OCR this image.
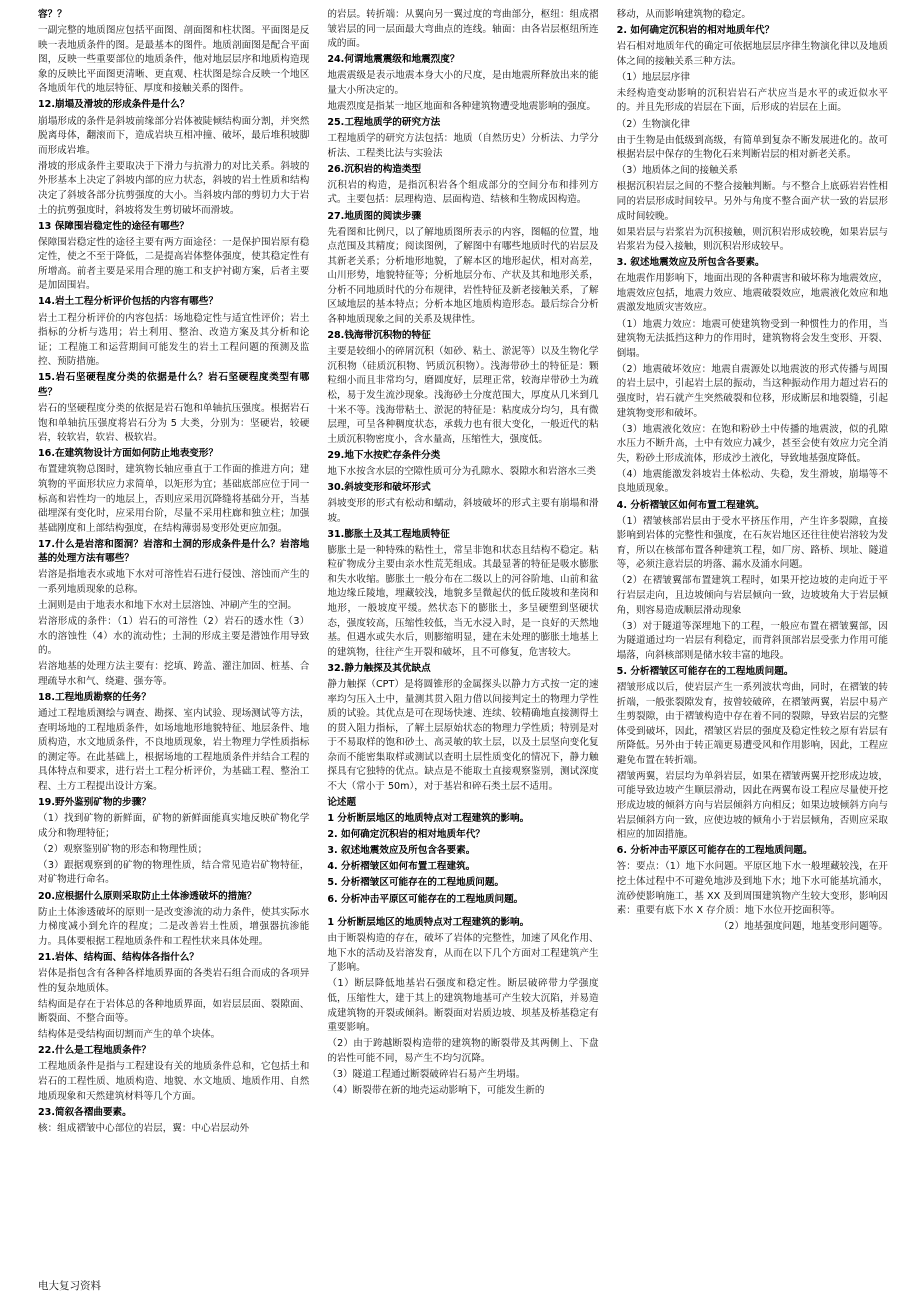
容？？

一副完整的地质图应包括平面图、剖面图和柱状图。平面图是反映一表地质条件的图。是最基本的图件。地质剖面图是配合平面图，反映一些重要部位的地质条件，他对地层层序和地质构造现象的反映比平面图更清晰、更直观、柱状图是综合反映一个地区各地质年代的地层特征、厚度和接触关系的图件。

12.崩塌及滑坡的形成条件是什么？

崩塌形成的条件是斜坡前缘部分岩体被陡倾结构面分割，并突然脱离母体，翻滚而下，造成岩块互相冲撞、破坏，最后堆积坡脚而形成岩堆。

滑坡的形成条件主要取决于下滑力与抗滑力的对比关系。斜坡的外形基本上决定了斜坡内部的应力状态，斜坡的岩土性质和结构决定了斜坡各部分抗剪强度的大小。当斜坡内部的剪切力大于岩土的抗剪强度时，斜坡将发生剪切破坏而滑坡。

13 保障围岩稳定性的途径有哪些？

保障围岩稳定性的途径主要有两方面途径：一是保护围岩原有稳定性，使之不至于降低，二是提高岩体整体强度，使其稳定性有所增高。前者主要是采用合理的施工和支护衬砌方案，后者主要是加固围岩。

14.岩土工程分析评价包括的内容有哪些？

岩土工程分析评价的内容包括：场地稳定性与适宜性评价；岩土指标的分析与选用；岩土利用、整治、改造方案及其分析和论证；工程施工和运营期间可能发生的岩土工程问题的预测及监控、预防措施。

15.岩石坚硬程度分类的依据是什么？岩石坚硬程度类型有哪些？

岩石的坚硬程度分类的依据是岩石饱和单轴抗压强度。根据岩石饱和单轴抗压强度将岩石分为 5 大类，分别为：坚硬岩，较硬岩，较软岩，软岩、极软岩。

16.在建筑物设计方面如何防止地表变形？

布置建筑物总图时，建筑物长轴应垂直于工作面的推进方向；建筑物的平面形状应力求简单，以矩形为宜；基础底部应位于同一标高和岩性均一的地层上，否则应采用沉降缝将基础分开，当基础埋深有变化时，应采用台阶，尽量不采用柱廊和独立柱；加强基础刚度和上部结构强度，在结构薄弱易变形处更应加强。

17.什么是岩溶和图洞？岩溶和土洞的形成条件是什么？岩溶地基的处理方法有哪些？

岩溶是指地表水或地下水对可溶性岩石进行侵蚀、溶蚀而产生的一系列地质现象的总称。

土洞则是由于地表水和地下水对土层溶蚀、冲刷产生的空洞。

岩溶形成的条件：（1）岩石的可溶性（2）岩石的透水性（3）水的溶蚀性（4）水的流动性；土洞的形成主要是潜蚀作用导致的。

岩溶地基的处理方法主要有：挖填、跨盖、灌注加固、桩基、合理疏导水和气、绕避、强夯等。

18.工程地质勘察的任务？

通过工程地质测绘与调查、勘探、室内试验、现场测试等方法，查明场地的工程地质条件，如场地地形地貌特征、地层条件、地质构造，水文地质条件，不良地质现象，岩土物理力学性质指标的测定等。在此基础上，根据场地的工程地质条件并结合工程的具体特点和要求，进行岩土工程分析评价，为基础工程、整治工程、土方工程提出设计方案。

19.野外鉴别矿物的步骤？

（1）找到矿物的新鲜面，矿物的新鲜面能真实地反映矿物化学成分和物理特征；

（2）观察鉴别矿物的形态和物理性质；

（3）跟据观察到的矿物的物理性质，结合常见造岩矿物特征，对矿物进行命名。

20.应根据什么原则采取防止土体渗透破坏的措施？

防止土体渗透破坏的原则一是改变渗流的动力条件，使其实际水力梯度减小到允许的程度；二是改善岩土性质，增强器抗渗能力。具体要根据工程地质条件和工程性状来具体处理。

21.岩体、结构面、结构体各指什么？

岩体是指包含有各种各样地质界面的各类岩石组合而成的各项异性的复杂地质体。

结构面是存在于岩体总的各种地质界面，如岩层层面、裂隙面、断裂面、不整合面等。

结构体是受结构面切割而产生的单个块体。

22.什么是工程地质条件？

工程地质条件是指与工程建设有关的地质条件总和，它包括土和岩石的工程性质、地质构造、地貌、水文地质、地质作用、自然地质现象和天然建筑材料等几个方面。

23.简叙各褶曲要素。

核：组成褶皱中心部位的岩层，翼：中心岩层动外

的岩层。转折端：从翼向另一翼过度的弯曲部分，枢纽：组成褶皱岩层的同一层面最大弯曲点的连线。轴面：由各岩层枢纽所连成的面。

24.何谓地震震级和地震烈度？

地震震级是表示地震本身大小的尺度，是由地震所释放出来的能量大小所决定的。

地震烈度是指某一地区地面和各种建筑物遭受地震影响的强度。

25.工程地质学的研究方法

工程地质学的研究方法包括：地质（自然历史）分析法、力学分析法、工程类比法与实验法

26.沉积岩的构造类型

沉积岩的构造，是指沉积岩各个组成部分的空间分布和排列方式。主要包括：层理构造、层面构造、结核和生物成因构造。

27.地质图的阅读步骤

先看图和比例尺，以了解地质图所表示的内容，图幅的位置，地点范围及其精度；阅读图例，了解图中有哪些地质时代的岩层及其新老关系；分析地形地貌，了解本区的地形起伏，相对高差，山川形势，地貌特征等；分析地层分布、产状及其和地形关系，分析不同地质时代的分布规律，岩性特征及新老接触关系，了解区域地层的基本特点；分析本地区地质构造形态。最后综合分析各种地质现象之间的关系及规律性。

28.钱海带沉积物的特征

主要是较细小的碎屑沉积（如砂、粘土、淤泥等）以及生物化学沉积物（硅质沉积物、钙质沉积物）。浅海带砂土的特征是：颗粒细小而且非常均匀，磨圆度好，层理正常，较海岸带砂土为疏松，易于发生流沙现象。浅海砂土分度范围大，厚度从几米到几十米不等。浅海带粘土、淤泥的特征是：粘度成分均匀，具有微层理，可呈各种稠度状态，承载力也有很大变化，一般近代的粘土质沉积物密度小，含水量高，压缩性大，强度低。

29.地下水按贮存条件分类

地下水按含水层的空隙性质可分为孔隙水、裂隙水和岩溶水三类

30.斜坡变形和破坏形式

斜坡变形的形式有松动和蠕动，斜坡破坏的形式主要有崩塌和滑坡。

31.膨胀土及其工程地质特征

膨胀土是一种特殊的粘性土，常呈非饱和状态且结构不稳定。粘粒矿物成分主要由亲水性荒芜组成。其最显著的特征是吸水膨胀和失水收缩。膨胀土一般分布在二级以上的河谷阶地、山前和盆地边缘丘陵地，埋藏较浅，地貌多呈微起伏的低丘陵坡和垄岗和地形，一般坡度平缓。然状态下的膨胀土，多呈硬塑到坚硬状态，强度较高，压缩性较低，当无水浸入时，是一良好的天然地基。但遇水或失水后，则膨缩明显，建在未处理的膨胀土地基上的建筑物，往往产生开裂和破坏，且不可修复，危害较大。

32.静力触探及其优缺点

静力触探（CPT）是将圆锥形的金属探头以静力方式按一定的速率均匀压入土中，量测其贯入阻力借以间接判定土的物理力学性质的试验。其优点是可在现场快速、连续、较精确地直接测得土的贯入阻力指标，了解土层原始状态的物理力学性质；特别是对于不易取样的饱和砂土、高灵敏的软土层，以及土层坚向变化复杂而不能密集取样或测试以查明土层性质变化的情况下，静力触探具有它独特的优点。缺点是不能取土直接观察鉴别，测试深度不大（常小于 50m），对于基岩和碎石类土层不适用。

论述题

1 分析断层地区的地质特点对工程建筑的影响。

2. 如何确定沉积岩的相对地质年代？

3. 叙述地震效应及所包含各要素。

4. 分析褶皱区如何布置工程建筑。

5. 分析褶皱区可能存在的工程地质问题。

6. 分析冲击平原区可能存在的工程地质问题。

1 分析断层地区的地质特点对工程建筑的影响。

由于断裂构造的存在，破坏了岩体的完整性，加速了风化作用、地下水的活动及岩溶发育，从而在以下几个方面对工程建筑产生了影响。

（1）断层降低地基岩石强度和稳定性。断层破碎带力学强度低，压缩性大，建于其上的建筑物地基可产生较大沉陷，并易造成建筑物的开裂或倾斜。断裂面对岩质边坡、坝基及桥基稳定有重要影响。

（2）由于跨越断裂构造带的建筑物的断裂带及其两侧上、下盘的岩性可能不同，易产生不均匀沉降。

（3）隧道工程通过断裂破碎岩石易产生坍塌。

（4）断裂带在新的地壳运动影响下，可能发生新的

移动，从而影响建筑物的稳定。

2. 如何确定沉积岩的相对地质年代？

岩石相对地质年代的确定可依据地层层序律生物演化律以及地质体之间的接触关系三种方法。

（1）地层层序律

未经构造变动影响的沉积岩岩石产状应当是水平的或近似水平的。并且先形成的岩层在下面，后形成的岩层在上面。

（2）生物演化律

由于生物是由低级到高级，有简单到复杂不断发展进化的。故可根据岩层中保存的生物化石来判断岩层的相对新老关系。

（3）地质体之间的接触关系

根据沉积岩层之间的不整合接触判断。与不整合上底砾岩岩性相同的岩层形成时间较早。另外与角度不整合面产状一致的岩层形成时间较晚。

如果岩层与岩浆岩为沉积接触，则沉积岩形成较晚，如果岩层与岩浆岩为侵入接触，则沉积岩形成较早。

3. 叙述地震效应及所包含各要素。

在地震作用影响下，地面出现的各种震害和破坏称为地震效应，地震效应包括，地震力效应、地震破裂效应，地震液化效应和地震激发地质灾害效应。

（1）地震力效应：地震可使建筑物受到一种惯性力的作用，当建筑物无法抵挡这种力的作用时，建筑物将会发生变形、开裂、倒塌。

（2）地震破坏效应：地震自震源处以地震波的形式传播与周围的岩土层中，引起岩土层的振动，当这种振动作用力超过岩石的强度时，岩石就产生突然破裂和位移，形成断层和地裂缝，引起建筑物变形和破坏。

（3）地震液化效应：在饱和粉砂土中传播的地震波，似的孔隙水压力不断升高，土中有效应力减少，甚至会使有效应力完全消失，粉砂土形成流体，形成沙土液化，导致地基强度降低。

（4）地震能激发斜坡岩土体松动、失稳，发生滑坡，崩塌等不良地质现象。

4. 分析褶皱区如何布置工程建筑。

（1）褶皱核部岩层由于受水平挤压作用，产生许多裂隙，直接影响到岩体的完整性和强度，在石灰岩地区还往往使岩溶较为发育，所以在核部布置各种建筑工程，如厂房、路桥、坝址、隧道等，必须注意岩层的坍落、漏水及涌水问题。

（2）在褶皱翼部布置建筑工程时，如果开挖边坡的走向近于平行岩层走向，且边坡倾向与岩层倾向一致，边坡坡角大于岩层倾角，则容易造成顺层滑动现象

（3）对于隧道等深埋地下的工程，一般应布置在褶皱翼部，因为隧道通过均一岩层有利稳定，而背斜顶部岩层受张力作用可能塌落，向斜核部则是储水较丰富的地段。

5. 分析褶皱区可能存在的工程地质问题。

褶皱形成以后，使岩层产生一系列波状弯曲，同时，在褶皱的转折端，一般张裂隙发育，按曾较破碎，在褶皱两翼，岩层中易产生剪裂隙，由于褶皱构造中存在着不同的裂隙，导致岩层的完整体受到破坏，因此，褶皱区岩层的强度及稳定性较之原有岩层有所降低。另外由于转正端更易遭受风和作用影响，因此，工程应避免布置在转折端。

褶皱两翼，岩层均为单斜岩层，如果在褶皱两翼开挖形成边坡，可能导致边坡产生顺层滑动，因此在两翼布设工程应尽量使开挖形成边坡的倾斜方向与岩层倾斜方向相反；如果边坡倾斜方向与岩层倾斜方向一致，应使边坡的倾角小于岩层倾角，否则应采取相应的加固措施。

6. 分析冲击平原区可能存在的工程地质问题。

答：要点：（1）地下水问题。平原区地下水一般埋藏较浅，在开挖土体过程中不可避免地涉及到地下水；地下水可能基坑涌水，流砂使影响施工，基 XX 及到周围建筑物产生较大变形，影响因素：重要有底下水 X 存介质：地下水位开挖面积等。

（2）地基强度问题，地基变形问题等。

电大复习资料
